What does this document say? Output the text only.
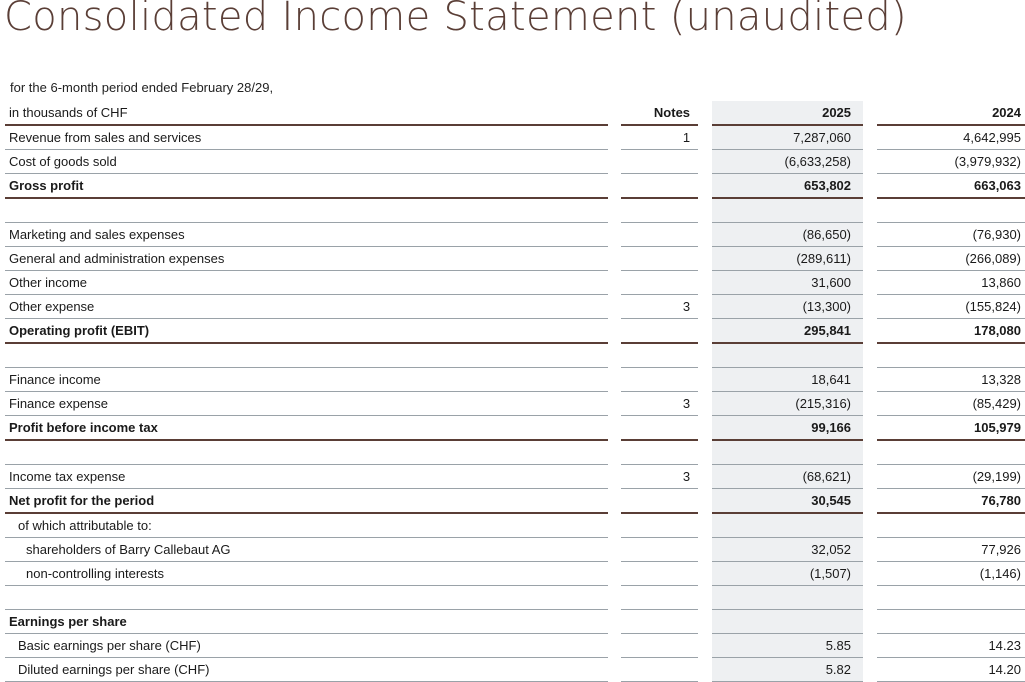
Consolidated Income Statement (unaudited)
for the 6-month period ended February 28/29,
in thousands of CHF		Notes		2025		2024
Revenue from sales and services		1		7,287,060		4,642,995
Cost of goods sold				(6,633,258)		(3,979,932)
Gross profit				653,802		663,063

Marketing and sales expenses				(86,650)		(76,930)
General and administration expenses				(289,611)		(266,089)
Other income				31,600		13,860
Other expense		3		(13,300)		(155,824)
Operating profit (EBIT)				295,841		178,080

Finance income				18,641		13,328
Finance expense		3		(215,316)		(85,429)
Profit before income tax				99,166		105,979

Income tax expense		3		(68,621)		(29,199)
Net profit for the period				30,545		76,780
of which attributable to:						
shareholders of Barry Callebaut AG				32,052		77,926
non-controlling interests				(1,507)		(1,146)

Earnings per share						
Basic earnings per share (CHF)				5.85		14.23
Diluted earnings per share (CHF)				5.82		14.20
